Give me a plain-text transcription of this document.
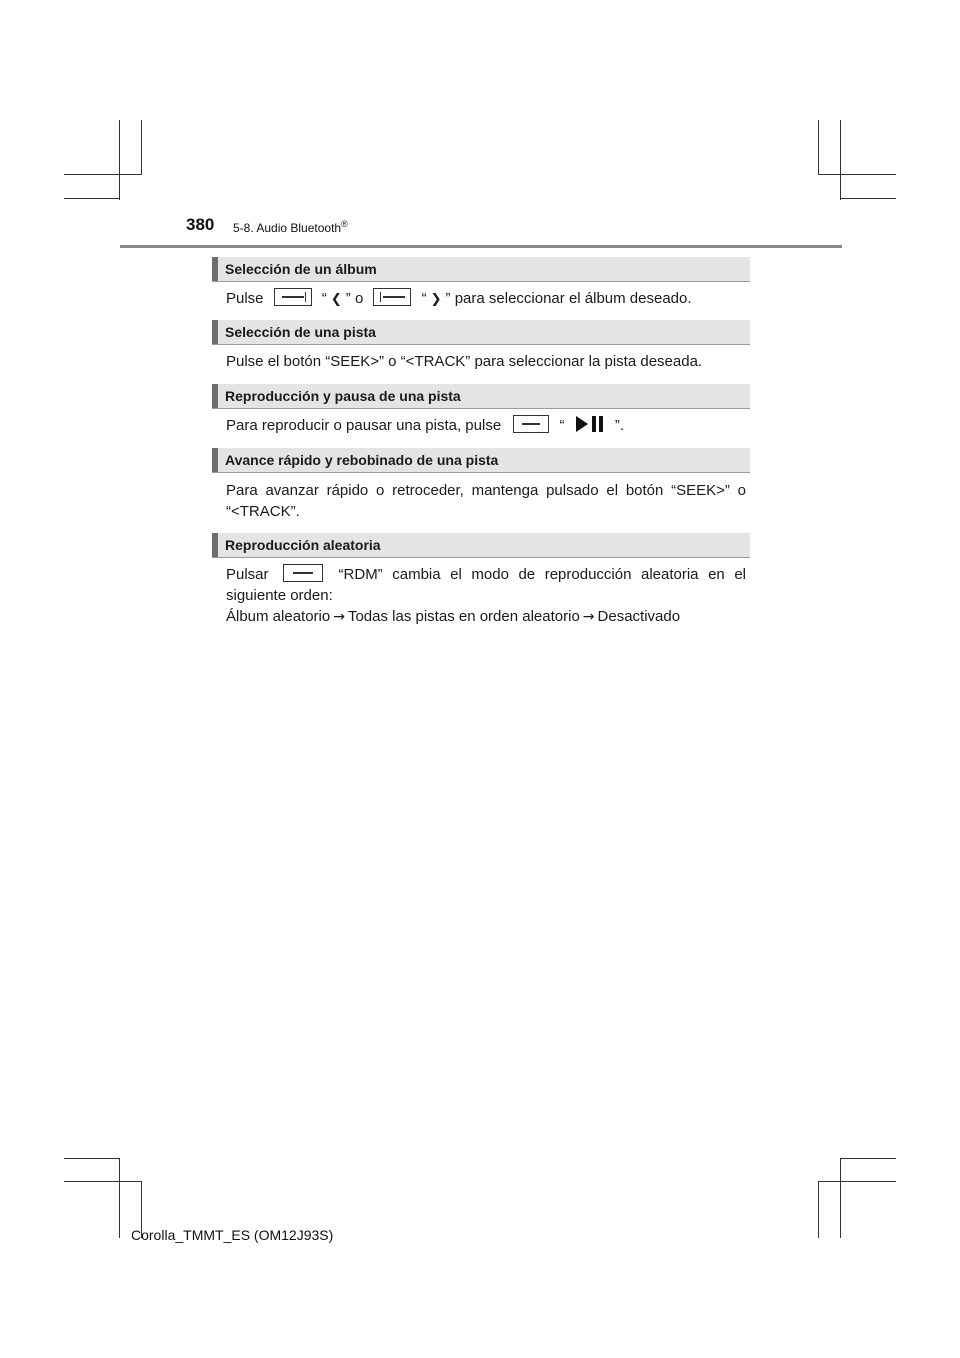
380 5-8. Audio Bluetooth®
Selección de un álbum
Pulse	“ ❮ ” o	“ ❯ ” para seleccionar el álbum deseado.
Selección de una pista
Pulse el botón “SEEK>” o “<TRACK” para seleccionar la pista deseada.
Reproducción y pausa de una pista
Para reproducir o pausar una pista, pulse	“	”.
Avance rápido y rebobinado de una pista
Para avanzar rápido o retroceder, mantenga pulsado el botón “SEEK>” o
“<TRACK”.
Reproducción aleatoria
Pulsar	“RDM” cambia el modo de reproducción aleatoria en el
siguiente orden:
Álbum aleatorio → Todas las pistas en orden aleatorio → Desactivado
Corolla_TMMT_ES (OM12J93S)
